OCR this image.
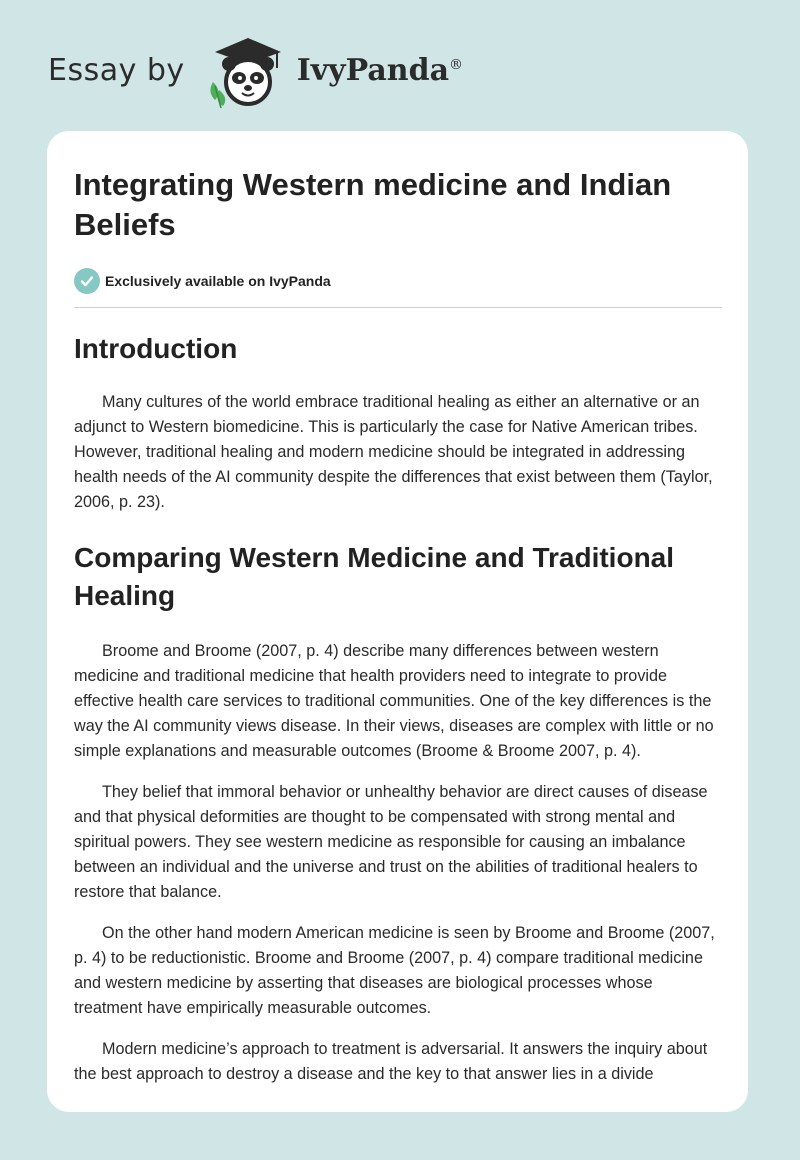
Essay by	IvyPanda®
Integrating Western medicine and Indian Beliefs
Exclusively available on IvyPanda
Introduction

Many cultures of the world embrace traditional healing as either an alternative or an adjunct to Western biomedicine. This is particularly the case for Native American tribes. However, traditional healing and modern medicine should be integrated in addressing health needs of the AI community despite the differences that exist between them (Taylor, 2006, p. 23).

Comparing Western Medicine and Traditional Healing

Broome and Broome (2007, p. 4) describe many differences between western medicine and traditional medicine that health providers need to integrate to provide effective health care services to traditional communities. One of the key differences is the way the AI community views disease. In their views, diseases are complex with little or no simple explanations and measurable outcomes (Broome & Broome 2007, p. 4).

They belief that immoral behavior or unhealthy behavior are direct causes of disease and that physical deformities are thought to be compensated with strong mental and spiritual powers. They see western medicine as responsible for causing an imbalance between an individual and the universe and trust on the abilities of traditional healers to restore that balance.

On the other hand modern American medicine is seen by Broome and Broome (2007, p. 4) to be reductionistic. Broome and Broome (2007, p. 4) compare traditional medicine and western medicine by asserting that diseases are biological processes whose treatment have empirically measurable outcomes.

Modern medicine’s approach to treatment is adversarial. It answers the inquiry about the best approach to destroy a disease and the key to that answer lies in a divide
